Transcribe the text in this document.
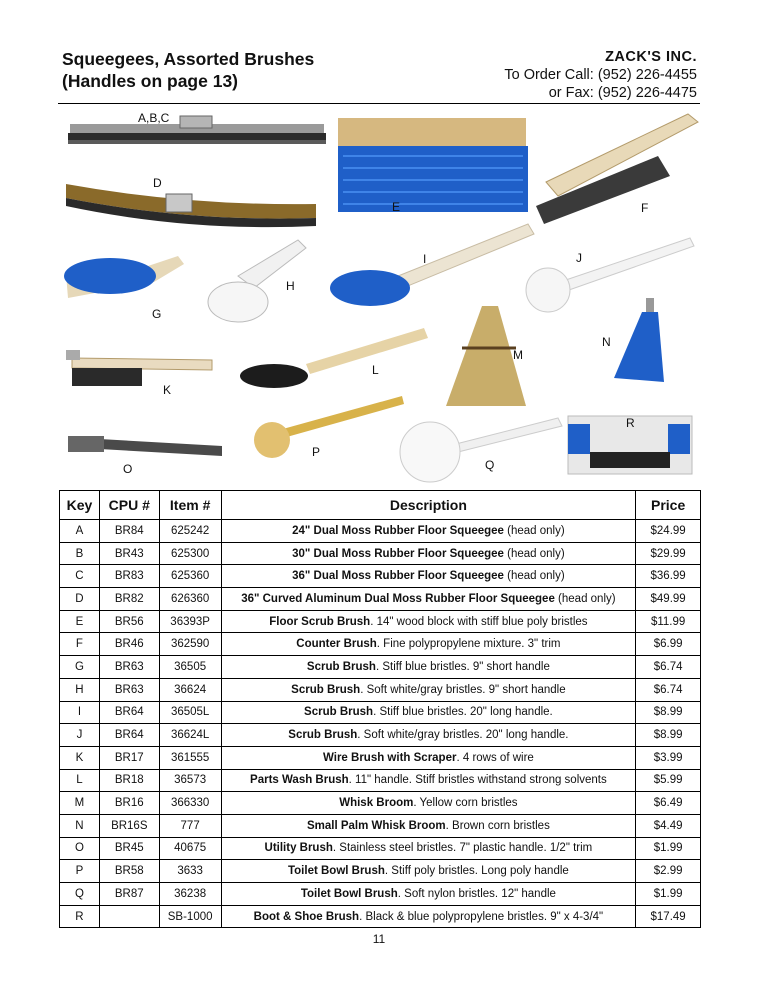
Squeegees, Assorted Brushes
(Handles on page 13)
ZACK'S INC.
To Order Call: (952) 226-4455
or Fax: (952) 226-4475
A,B,C
D
E	F
G
H
I	J
K
L
M
N
O
P
Q
R
Key	CPU #	Item #	Description	Price
A	BR84	625242	24" Dual Moss Rubber Floor Squeegee (head only)	$24.99
B	BR43	625300	30" Dual Moss Rubber Floor Squeegee (head only)	$29.99
C	BR83	625360	36" Dual Moss Rubber Floor Squeegee (head only)	$36.99
D	BR82	626360	36" Curved Aluminum Dual Moss Rubber Floor Squeegee (head only)	$49.99
E	BR56	36393P	Floor Scrub Brush. 14" wood block with stiff blue poly bristles	$11.99
F	BR46	362590	Counter Brush. Fine polypropylene mixture. 3" trim	$6.99
G	BR63	36505	Scrub Brush. Stiff blue bristles. 9" short handle	$6.74
H	BR63	36624	Scrub Brush. Soft white/gray bristles. 9" short handle	$6.74
I	BR64	36505L	Scrub Brush. Stiff blue bristles. 20" long handle.	$8.99
J	BR64	36624L	Scrub Brush. Soft white/gray bristles. 20" long handle.	$8.99
K	BR17	361555	Wire Brush with Scraper. 4 rows of wire	$3.99
L	BR18	36573	Parts Wash Brush. 11" handle. Stiff bristles withstand strong solvents	$5.99
M	BR16	366330	Whisk Broom. Yellow corn bristles	$6.49
N	BR16S	777	Small Palm Whisk Broom. Brown corn bristles	$4.49
O	BR45	40675	Utility Brush. Stainless steel bristles. 7" plastic handle. 1/2" trim	$1.99
P	BR58	3633	Toilet Bowl Brush. Stiff poly bristles. Long poly handle	$2.99
Q	BR87	36238	Toilet Bowl Brush. Soft nylon bristles. 12" handle	$1.99
R		SB-1000	Boot & Shoe Brush. Black & blue polypropylene bristles. 9" x 4-3/4"	$17.49
11
